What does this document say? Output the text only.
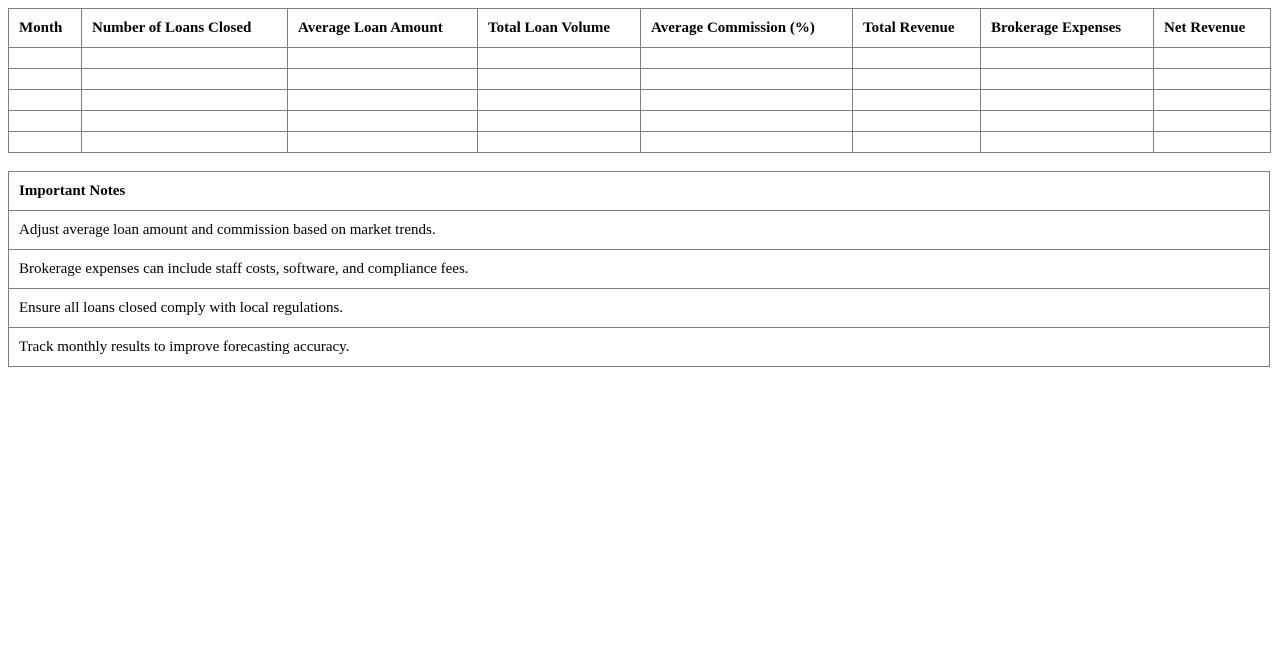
Month	Number of Loans Closed	Average Loan Amount	Total Loan Volume	Average Commission (%)	Total Revenue	Brokerage Expenses	Net Revenue

Important Notes
Adjust average loan amount and commission based on market trends.
Brokerage expenses can include staff costs, software, and compliance fees.
Ensure all loans closed comply with local regulations.
Track monthly results to improve forecasting accuracy.
